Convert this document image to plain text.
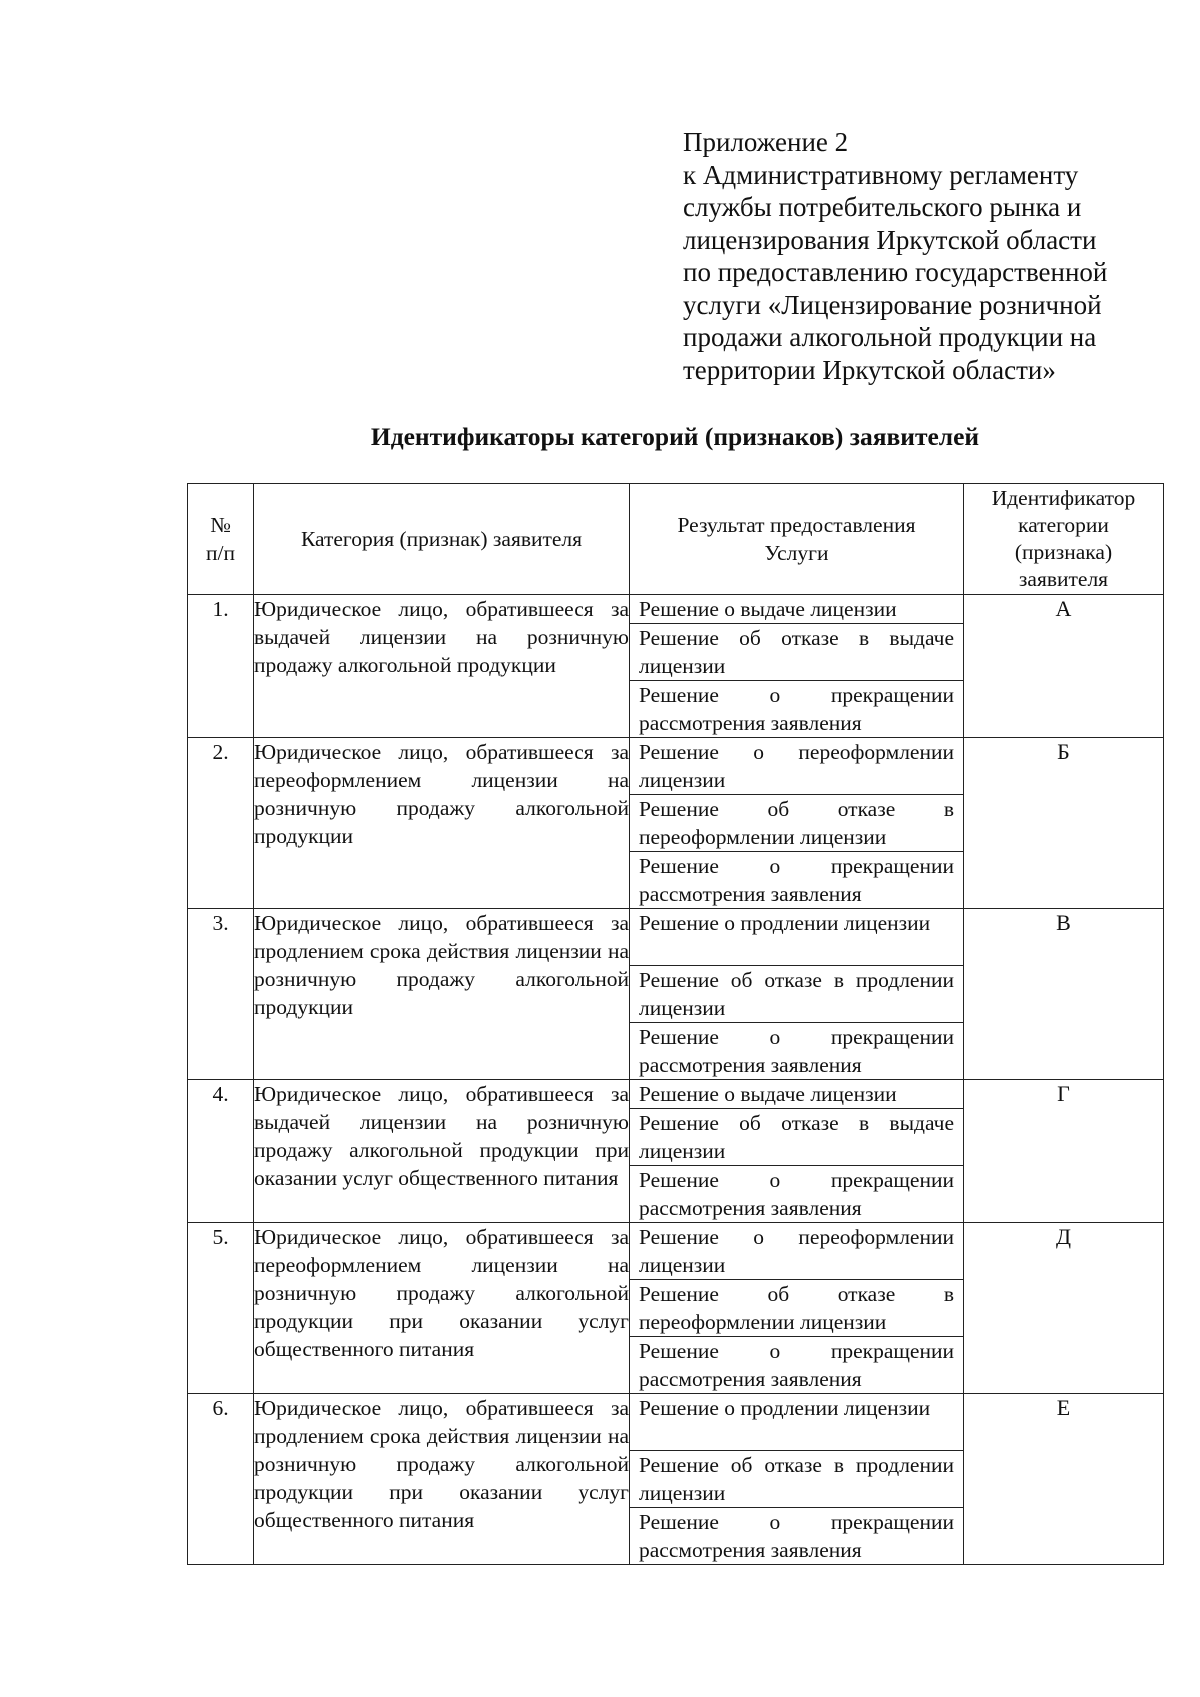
Приложение 2
к Административному регламенту
службы потребительского рынка и
лицензирования Иркутской области
по предоставлению государственной
услуги «Лицензирование розничной
продажи алкогольной продукции на
территории Иркутской области»
Идентификаторы категорий (признаков) заявителей
№
п/п	Категория (признак) заявителя	Результат предоставления Услуги	Идентификатор категории (признака) заявителя
1.	Юридическое лицо, обратившееся за выдачей лицензии на розничную продажу алкогольной продукции	Решение о выдаче лицензии
Решение об отказе в выдаче лицензии
Решение о прекращении рассмотрения заявления	А
2.	Юридическое лицо, обратившееся за переоформлением лицензии на розничную продажу алкогольной продукции	Решение о переоформлении лицензии
Решение об отказе в переоформлении лицензии
Решение о прекращении рассмотрения заявления	Б
3.	Юридическое лицо, обратившееся за продлением срока действия лицензии на розничную продажу алкогольной продукции	Решение о продлении лицензии
Решение об отказе в продлении лицензии
Решение о прекращении рассмотрения заявления	В
4.	Юридическое лицо, обратившееся за выдачей лицензии на розничную продажу алкогольной продукции при оказании услуг общественного питания	Решение о выдаче лицензии
Решение об отказе в выдаче лицензии
Решение о прекращении рассмотрения заявления	Г
5.	Юридическое лицо, обратившееся за переоформлением лицензии на розничную продажу алкогольной продукции при оказании услуг общественного питания	Решение о переоформлении лицензии
Решение об отказе в переоформлении лицензии
Решение о прекращении рассмотрения заявления	Д
6.	Юридическое лицо, обратившееся за продлением срока действия лицензии на розничную продажу алкогольной продукции при оказании услуг общественного питания	Решение о продлении лицензии
Решение об отказе в продлении лицензии
Решение о прекращении рассмотрения заявления	Е
